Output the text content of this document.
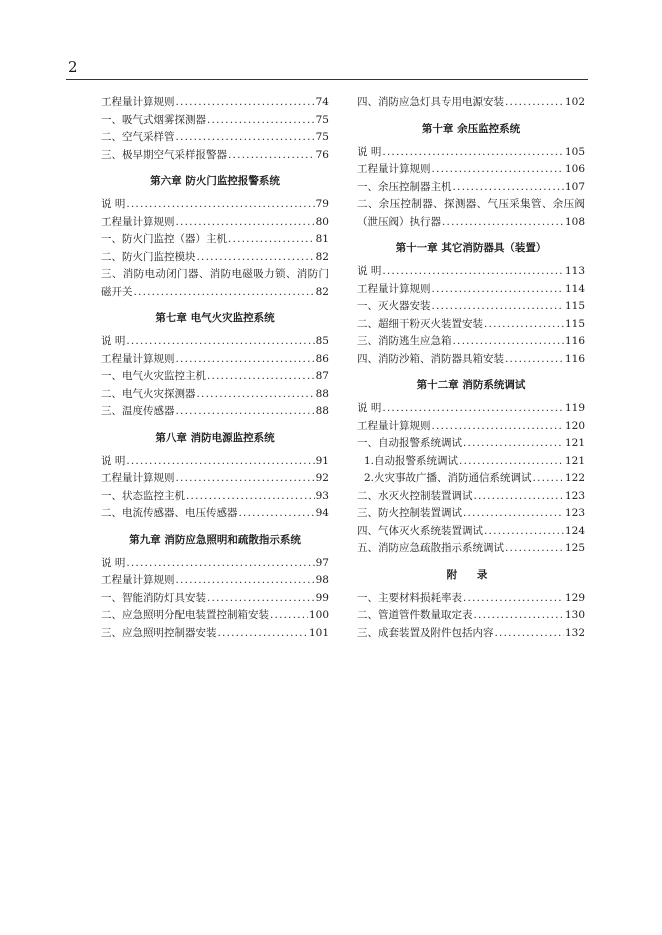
2
工程量计算规则 .....	74
一、吸气式烟雾探测器 .....	75
二、空气采样管 .....	75
三、极早期空气采样报警器 .....	76
第六章 防火门监控报警系统
说 明 .....	79
工程量计算规则 .....	80
一、防火门监控（器）主机 .....	81
二、防火门监控模块 .....	82
三、消防电动闭门器、消防电磁吸力锁、消防门
磁开关 .....	82
第七章 电气火灾监控系统
说 明 .....	85
工程量计算规则 .....	86
一、电气火灾监控主机 .....	87
二、电气火灾探测器 .....	88
三、温度传感器 .....	88
第八章 消防电源监控系统
说 明 .....	91
工程量计算规则 .....	92
一、状态监控主机 .....	93
二、电流传感器、电压传感器 .....	94
第九章 消防应急照明和疏散指示系统
说 明 .....	97
工程量计算规则 .....	98
一、智能消防灯具安装 .....	99
二、应急照明分配电装置控制箱安装 .....	100
三、应急照明控制器安装 .....	101
四、消防应急灯具专用电源安装 .....	102
第十章 余压监控系统
说 明 .....	105
工程量计算规则 .....	106
一、余压控制器主机 .....	107
二、余压控制器、探测器、气压采集管、余压阀
（泄压阀）执行器 .....	108
第十一章 其它消防器具（装置）
说 明 .....	113
工程量计算规则 .....	114
一、灭火器安装 .....	115
二、超细干粉灭火装置安装 .....	115
三、消防逃生应急箱 .....	116
四、消防沙箱、消防器具箱安装 .....	116
第十二章 消防系统调试
说 明 .....	119
工程量计算规则 .....	120
一、自动报警系统调试 .....	121
1.自动报警系统调试 .....	121
2.火灾事故广播、消防通信系统调试 .....	122
二、水灭火控制装置调试 .....	123
三、防火控制装置调试 .....	123
四、气体灭火系统装置调试 .....	124
五、消防应急疏散指示系统调试 .....	125
附 录
一、主要材料损耗率表 .....	129
二、管道管件数量取定表 .....	130
三、成套装置及附件包括内容 .....	132
